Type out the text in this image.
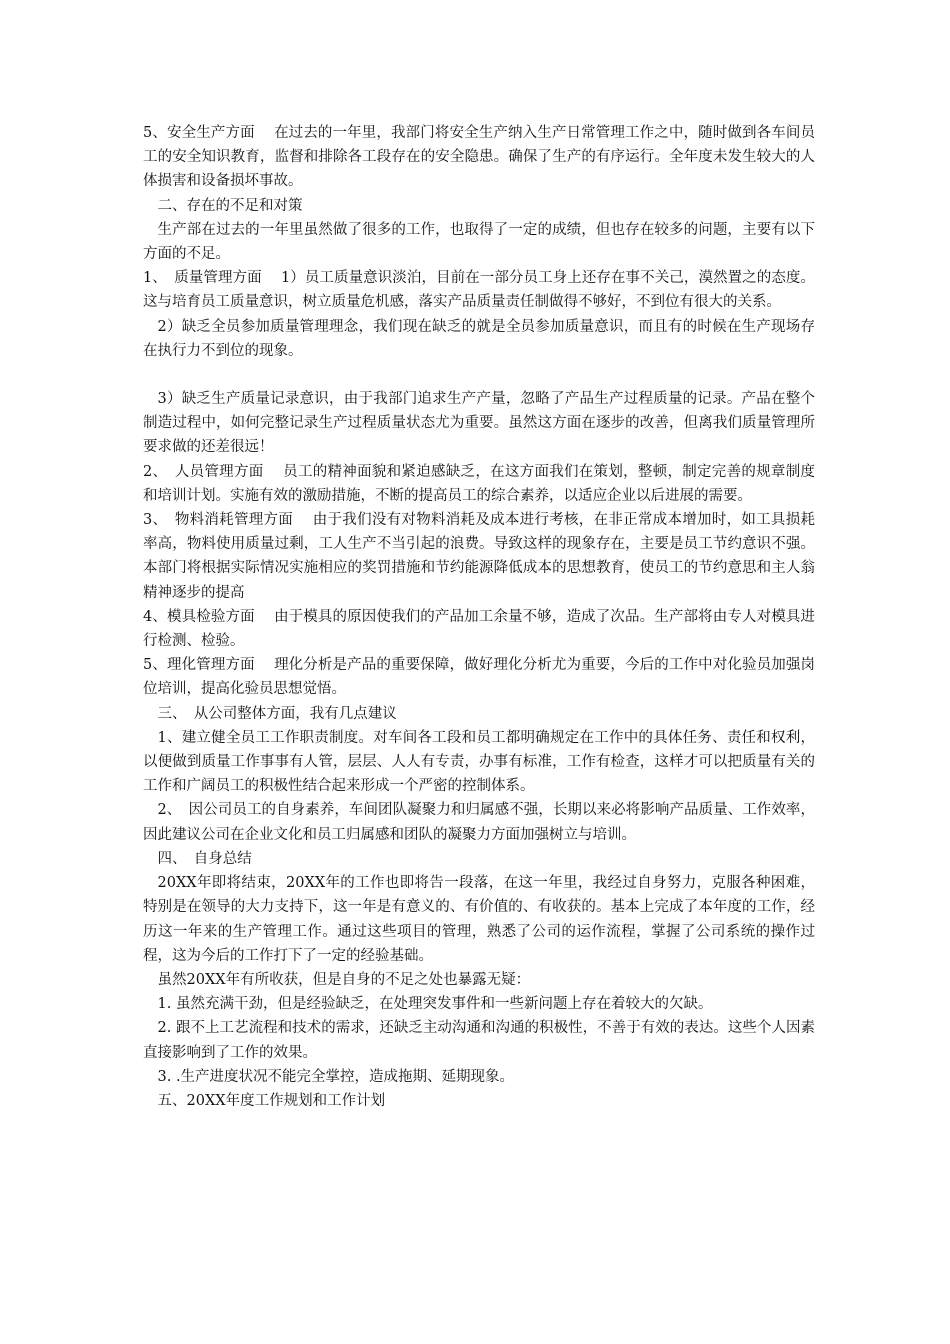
5、安全生产方面　 在过去的一年里，我部门将安全生产纳入生产日常管理工作之中，随时做到各车间员工的安全知识教育，监督和排除各工段存在的安全隐患。确保了生产的有序运行。全年度未发生较大的人体损害和设备损坏事故。

二、存在的不足和对策

生产部在过去的一年里虽然做了很多的工作，也取得了一定的成绩，但也存在较多的问题，主要有以下方面的不足。

1、　质量管理方面　 1）员工质量意识淡泊，目前在一部分员工身上还存在事不关己，漠然置之的态度。这与培育员工质量意识，树立质量危机感，落实产品质量责任制做得不够好，不到位有很大的关系。

2）缺乏全员参加质量管理理念，我们现在缺乏的就是全员参加质量意识，而且有的时候在生产现场存在执行力不到位的现象。

3）缺乏生产质量记录意识，由于我部门追求生产产量，忽略了产品生产过程质量的记录。产品在整个制造过程中，如何完整记录生产过程质量状态尤为重要。虽然这方面在逐步的改善，但离我们质量管理所要求做的还差很远！

2、　人员管理方面　 员工的精神面貌和紧迫感缺乏，在这方面我们在策划，整顿，制定完善的规章制度和培训计划。实施有效的激励措施，不断的提高员工的综合素养，以适应企业以后进展的需要。

3、　物料消耗管理方面　 由于我们没有对物料消耗及成本进行考核，在非正常成本增加时，如工具损耗率高，物料使用质量过剩，工人生产不当引起的浪费。导致这样的现象存在，主要是员工节约意识不强。本部门将根据实际情况实施相应的奖罚措施和节约能源降低成本的思想教育，使员工的节约意思和主人翁精神逐步的提高

4、模具检验方面　 由于模具的原因使我们的产品加工余量不够，造成了次品。生产部将由专人对模具进行检测、检验。

5、理化管理方面　 理化分析是产品的重要保障，做好理化分析尤为重要，今后的工作中对化验员加强岗位培训，提高化验员思想觉悟。

三、　从公司整体方面，我有几点建议

1、建立健全员工工作职责制度。对车间各工段和员工都明确规定在工作中的具体任务、责任和权利，以便做到质量工作事事有人管，层层、人人有专责，办事有标准，工作有检查，这样才可以把质量有关的工作和广阔员工的积极性结合起来形成一个严密的控制体系。

2、　因公司员工的自身素养，车间团队凝聚力和归属感不强，长期以来必将影响产品质量、工作效率，因此建议公司在企业文化和员工归属感和团队的凝聚力方面加强树立与培训。

四、　自身总结

20XX年即将结束，20XX年的工作也即将告一段落，在这一年里，我经过自身努力，克服各种困难，特别是在领导的大力支持下，这一年是有意义的、有价值的、有收获的。基本上完成了本年度的工作，经历这一年来的生产管理工作。通过这些项目的管理，熟悉了公司的运作流程，掌握了公司系统的操作过程，这为今后的工作打下了一定的经验基础。

虽然20XX年有所收获，但是自身的不足之处也暴露无疑：

1. 虽然充满干劲，但是经验缺乏，在处理突发事件和一些新问题上存在着较大的欠缺。

2. 跟不上工艺流程和技术的需求，还缺乏主动沟通和沟通的积极性，不善于有效的表达。这些个人因素直接影响到了工作的效果。

3. .生产进度状况不能完全掌控，造成拖期、延期现象。

五、20XX年度工作规划和工作计划
